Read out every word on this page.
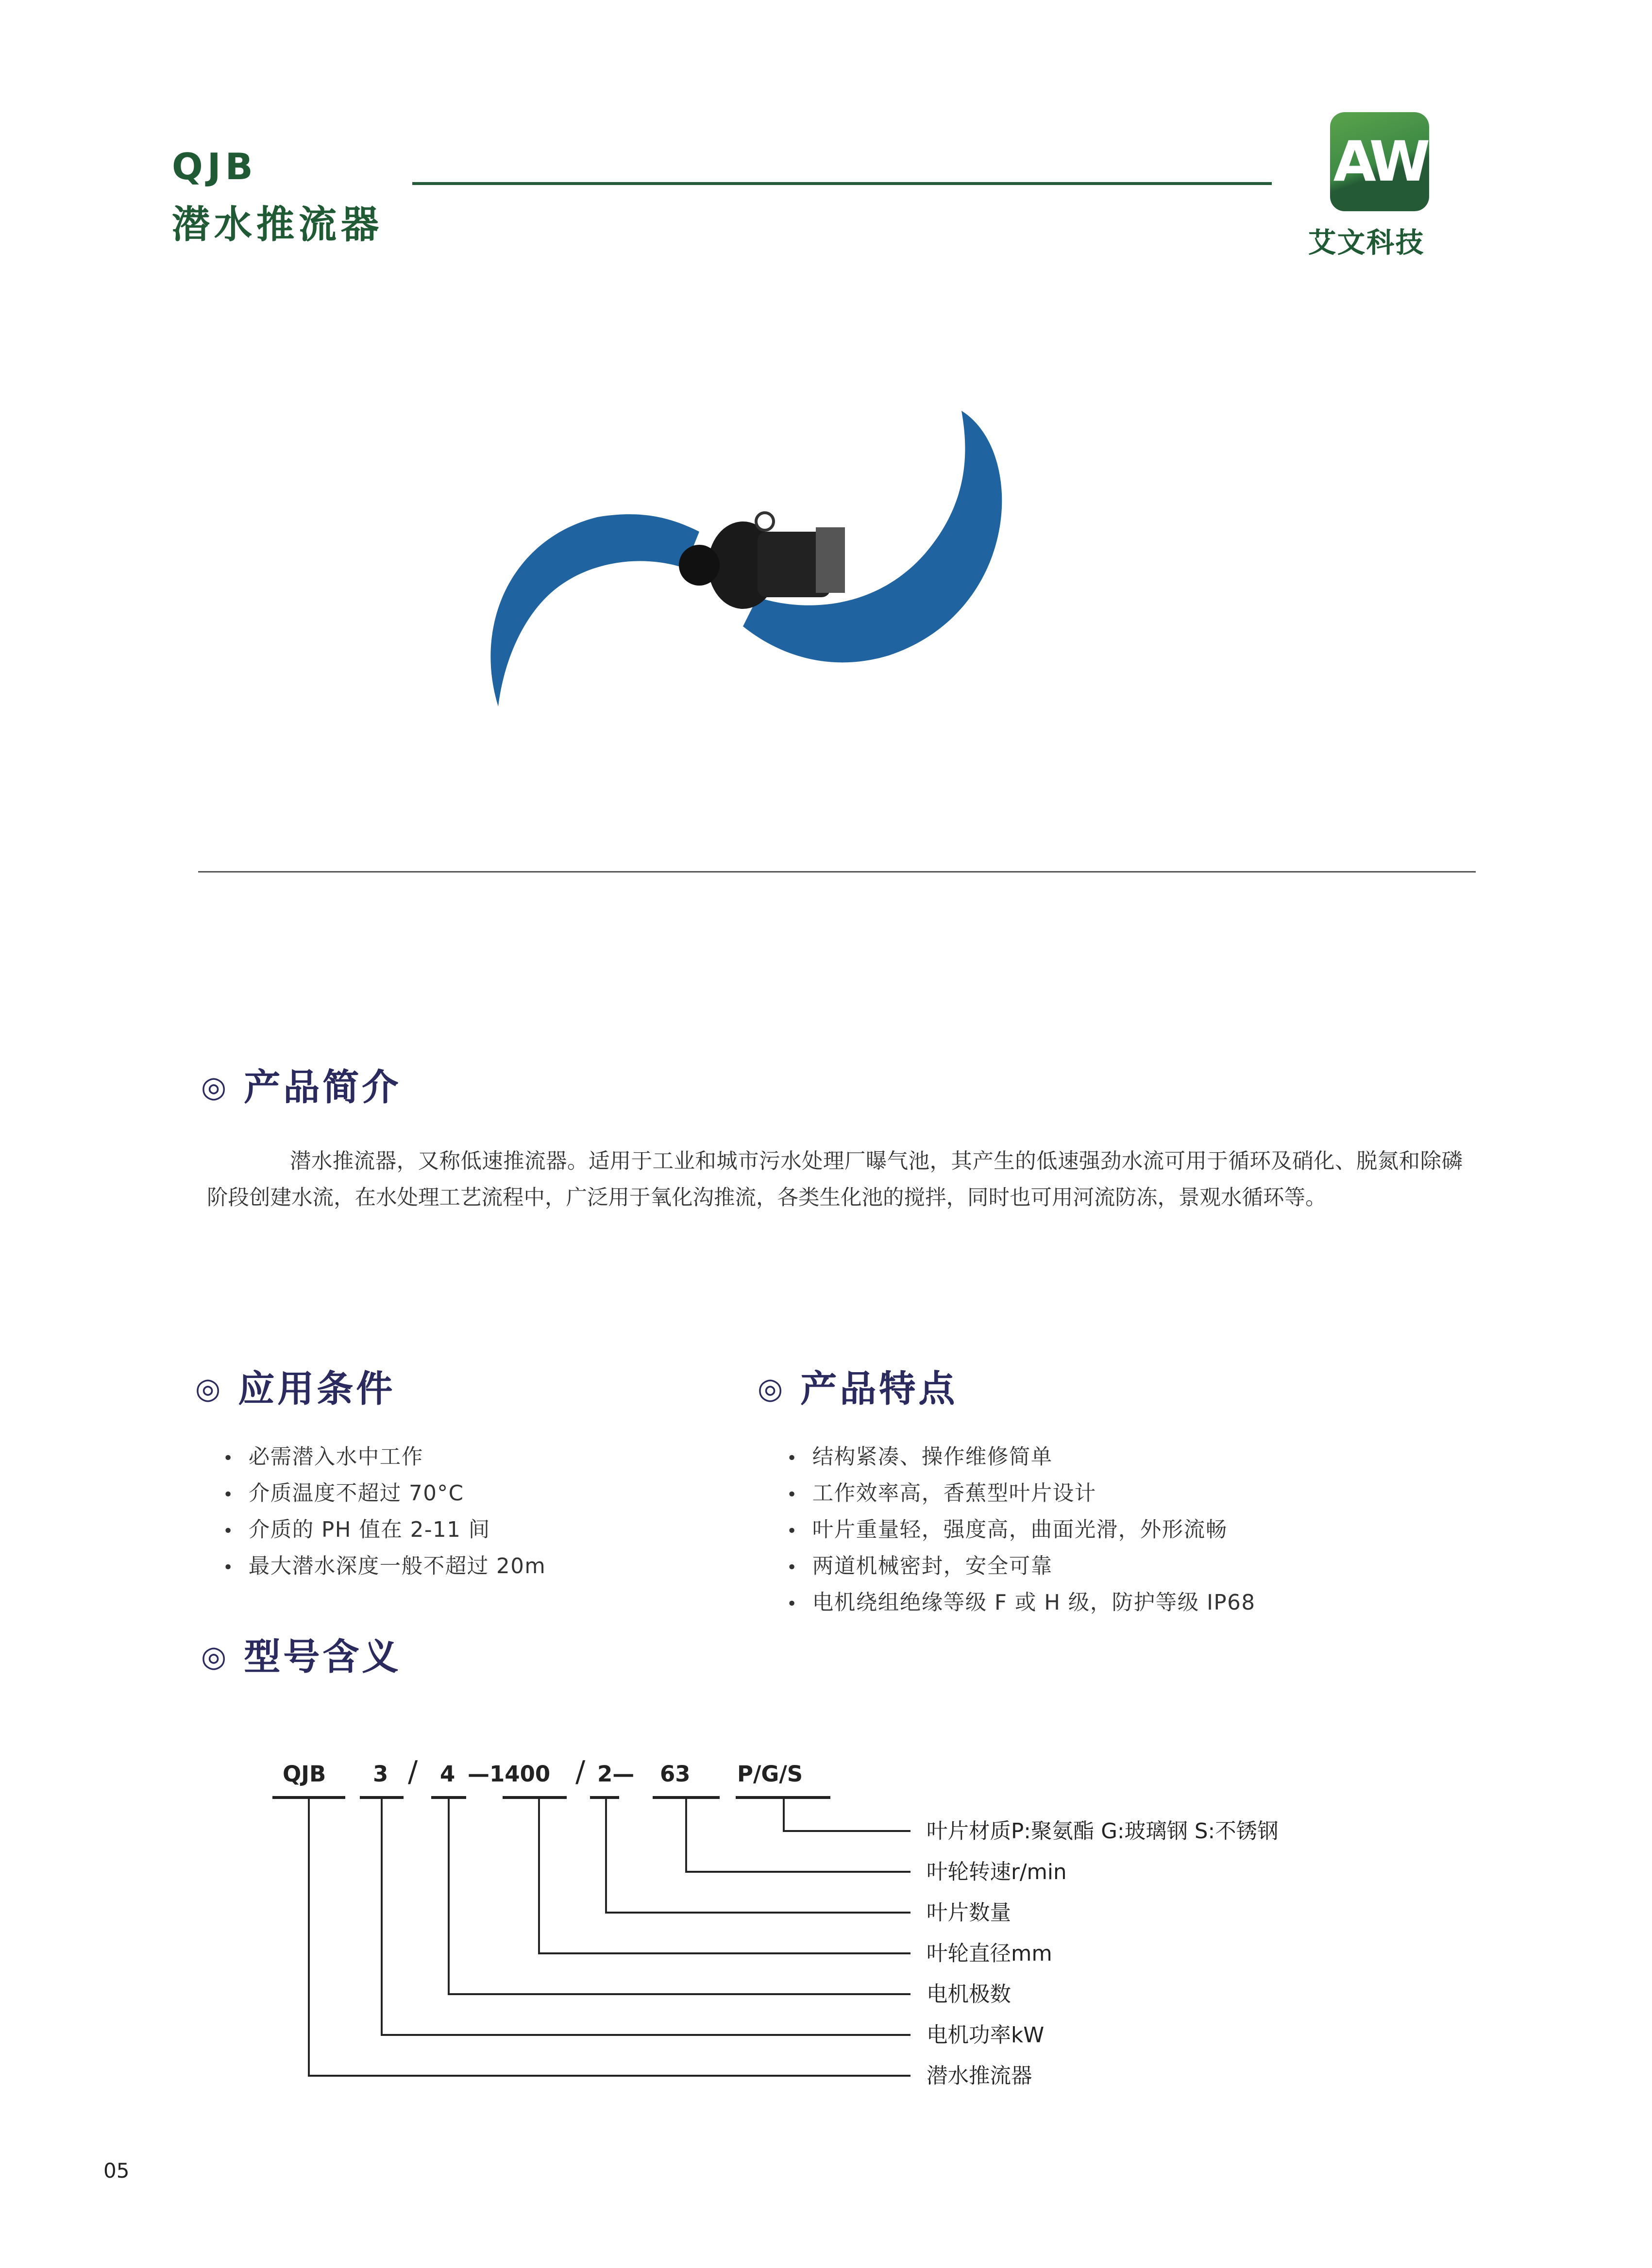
QJB
潜水推流器
AW
艾文科技
◎ 产品简介
潜水推流器，又称低速推流器。适用于工业和城市污水处理厂曝气池，其产生的低速强劲水流可用于循环及硝化、脱氮和除磷阶段创建水流，在水处理工艺流程中，广泛用于氧化沟推流，各类生化池的搅拌，同时也可用河流防冻，景观水循环等。
◎ 应用条件
• 必需潜入水中工作
• 介质温度不超过 70°C
• 介质的 PH 值在 2-11 间
• 最大潜水深度一般不超过 20m
◎ 产品特点
• 结构紧凑、操作维修简单
• 工作效率高，香蕉型叶片设计
• 叶片重量轻，强度高，曲面光滑，外形流畅
• 两道机械密封，安全可靠
• 电机绕组绝缘等级 F 或 H 级，防护等级 IP68
◎ 型号含义
QJB	3 /	4 —1400	/ 2—	63	P/G/S
叶片材质P:聚氨酯 G:玻璃钢 S:不锈钢
叶轮转速r/min
叶片数量
叶轮直径mm
电机极数
电机功率kW
潜水推流器
05
